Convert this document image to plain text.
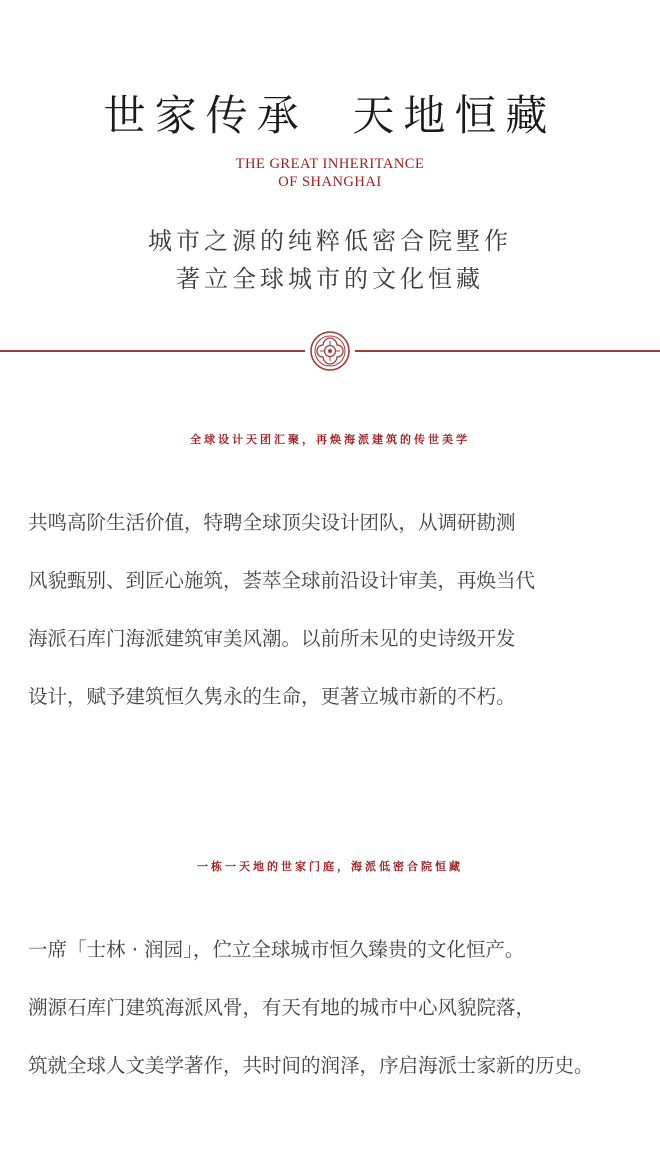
世家传承  天地恒藏
THE GREAT INHERITANCE
OF SHANGHAI
城市之源的纯粹低密合院墅作
著立全球城市的文化恒藏
全球设计天团汇聚，再焕海派建筑的传世美学
共鸣高阶生活价值，特聘全球顶尖设计团队，从调研勘测
风貌甄别、到匠心施筑，荟萃全球前沿设计审美，再焕当代
海派石库门海派建筑审美风潮。以前所未见的史诗级开发
设计，赋予建筑恒久隽永的生命，更著立城市新的不朽。
一栋一天地的世家门庭，海派低密合院恒藏
一席「士林 · 润园」，伫立全球城市恒久臻贵的文化恒产。
溯源石库门建筑海派风骨，有天有地的城市中心风貌院落，
筑就全球人文美学著作，共时间的润泽，序启海派士家新的历史。
